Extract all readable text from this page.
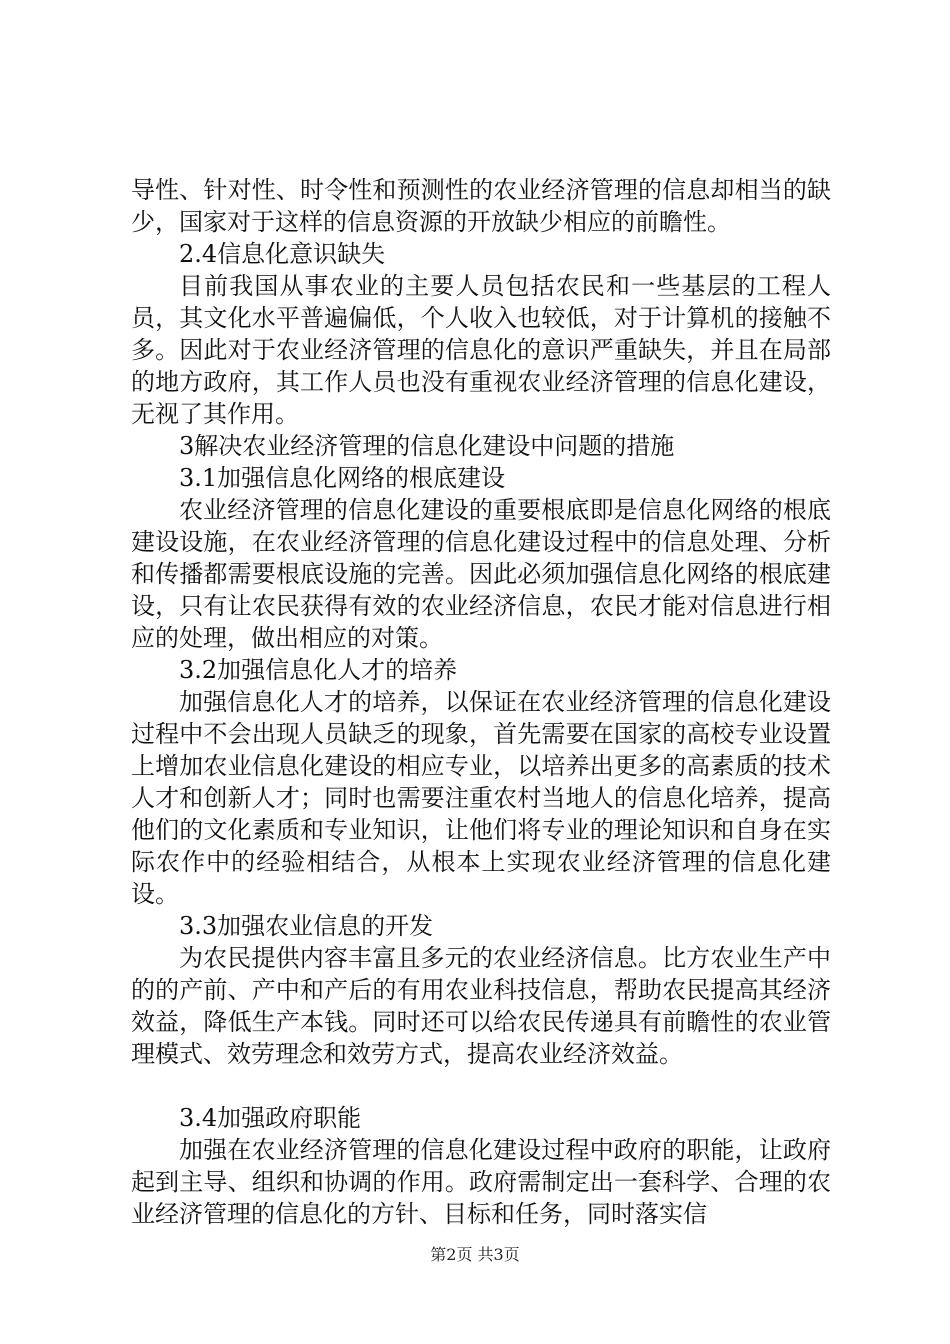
导性、针对性、时令性和预测性的农业经济管理的信息却相当的缺少，国家对于这样的信息资源的开放缺少相应的前瞻性。

2.4信息化意识缺失

目前我国从事农业的主要人员包括农民和一些基层的工程人员，其文化水平普遍偏低，个人收入也较低，对于计算机的接触不多。因此对于农业经济管理的信息化的意识严重缺失，并且在局部的地方政府，其工作人员也没有重视农业经济管理的信息化建设，无视了其作用。

3解决农业经济管理的信息化建设中问题的措施

3.1加强信息化网络的根底建设

农业经济管理的信息化建设的重要根底即是信息化网络的根底建设设施，在农业经济管理的信息化建设过程中的信息处理、分析和传播都需要根底设施的完善。因此必须加强信息化网络的根底建设，只有让农民获得有效的农业经济信息，农民才能对信息进行相应的处理，做出相应的对策。

3.2加强信息化人才的培养

加强信息化人才的培养，以保证在农业经济管理的信息化建设过程中不会出现人员缺乏的现象，首先需要在国家的高校专业设置上增加农业信息化建设的相应专业，以培养出更多的高素质的技术人才和创新人才；同时也需要注重农村当地人的信息化培养，提高他们的文化素质和专业知识，让他们将专业的理论知识和自身在实际农作中的经验相结合，从根本上实现农业经济管理的信息化建设。

3.3加强农业信息的开发

为农民提供内容丰富且多元的农业经济信息。比方农业生产中的的产前、产中和产后的有用农业科技信息，帮助农民提高其经济效益，降低生产本钱。同时还可以给农民传递具有前瞻性的农业管理模式、效劳理念和效劳方式，提高农业经济效益。

3.4加强政府职能

加强在农业经济管理的信息化建设过程中政府的职能，让政府起到主导、组织和协调的作用。政府需制定出一套科学、合理的农业经济管理的信息化的方针、目标和任务，同时落实信

第2页 共3页
